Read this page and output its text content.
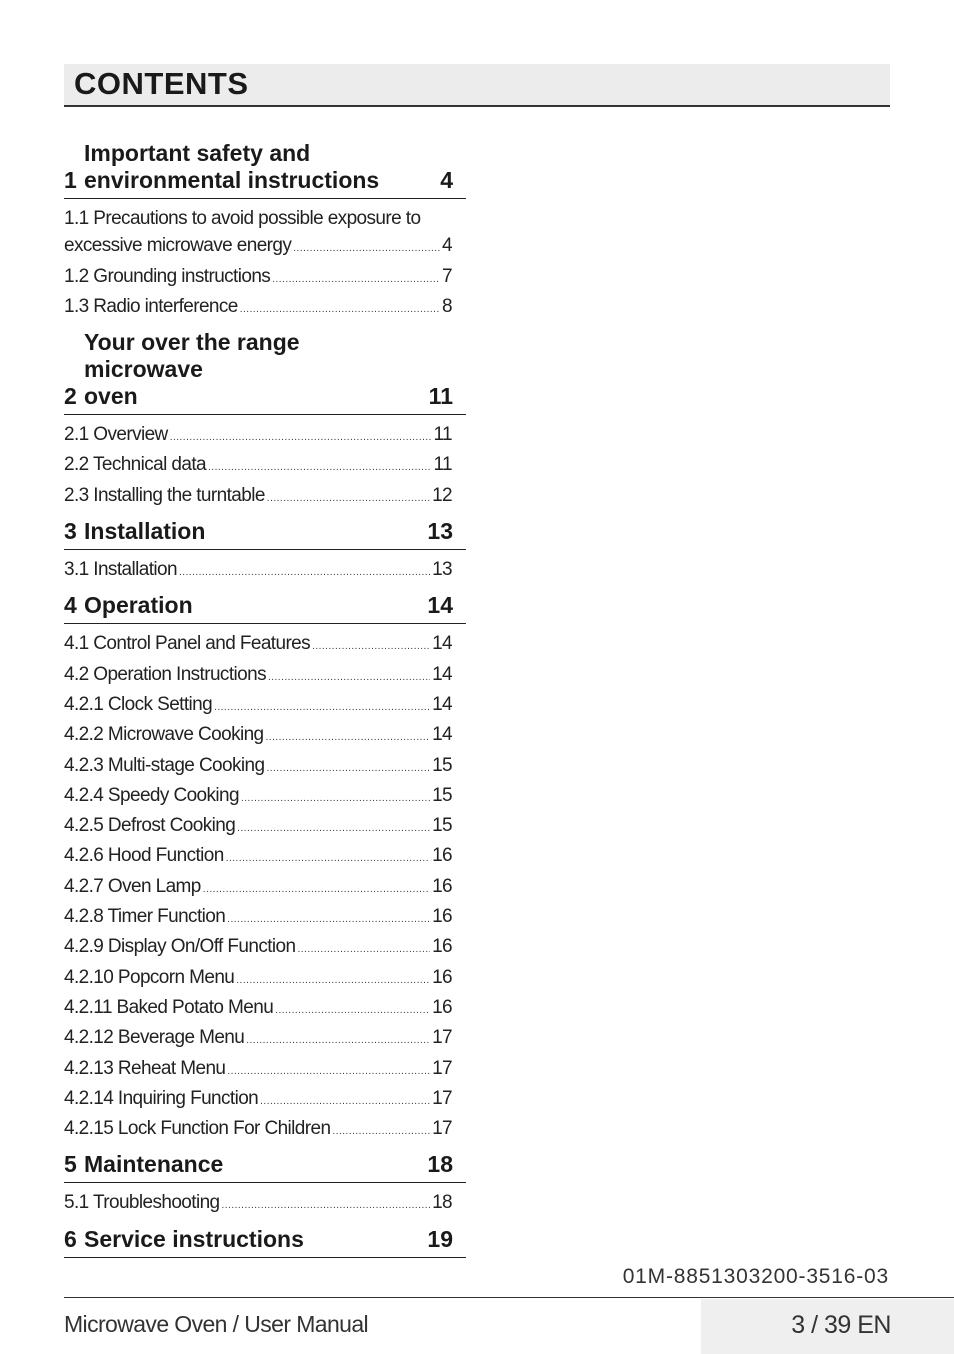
CONTENTS
1
Important safety and
environmental instructions	4
1.1 Precautions to avoid possible exposure to
excessive microwave energy .....	4
1.2 Grounding instructions .....	7
1.3 Radio interference .....	8
2
Your over the range microwave
oven	11
2.1 Overview .....	11
2.2 Technical data .....	11
2.3 Installing the turntable .....	12
3 Installation	13
3.1 Installation .....	13
4 Operation	14
4.1 Control Panel and Features .....	14
4.2 Operation Instructions .....	14
4.2.1 Clock Setting .....	14
4.2.2 Microwave Cooking .....	14
4.2.3 Multi-stage Cooking .....	15
4.2.4 Speedy Cooking .....	15
4.2.5 Defrost Cooking .....	15
4.2.6 Hood Function .....	16
4.2.7 Oven Lamp .....	16
4.2.8 Timer Function .....	16
4.2.9 Display On/Off Function .....	16
4.2.10 Popcorn Menu .....	16
4.2.11 Baked Potato Menu .....	16
4.2.12 Beverage Menu .....	17
4.2.13 Reheat Menu .....	17
4.2.14 Inquiring Function .....	17
4.2.15 Lock Function For Children .....	17
5 Maintenance	18
5.1 Troubleshooting .....	18
6 Service instructions	19
01M-8851303200-3516-03
Microwave Oven / User Manual	3 / 39 EN
